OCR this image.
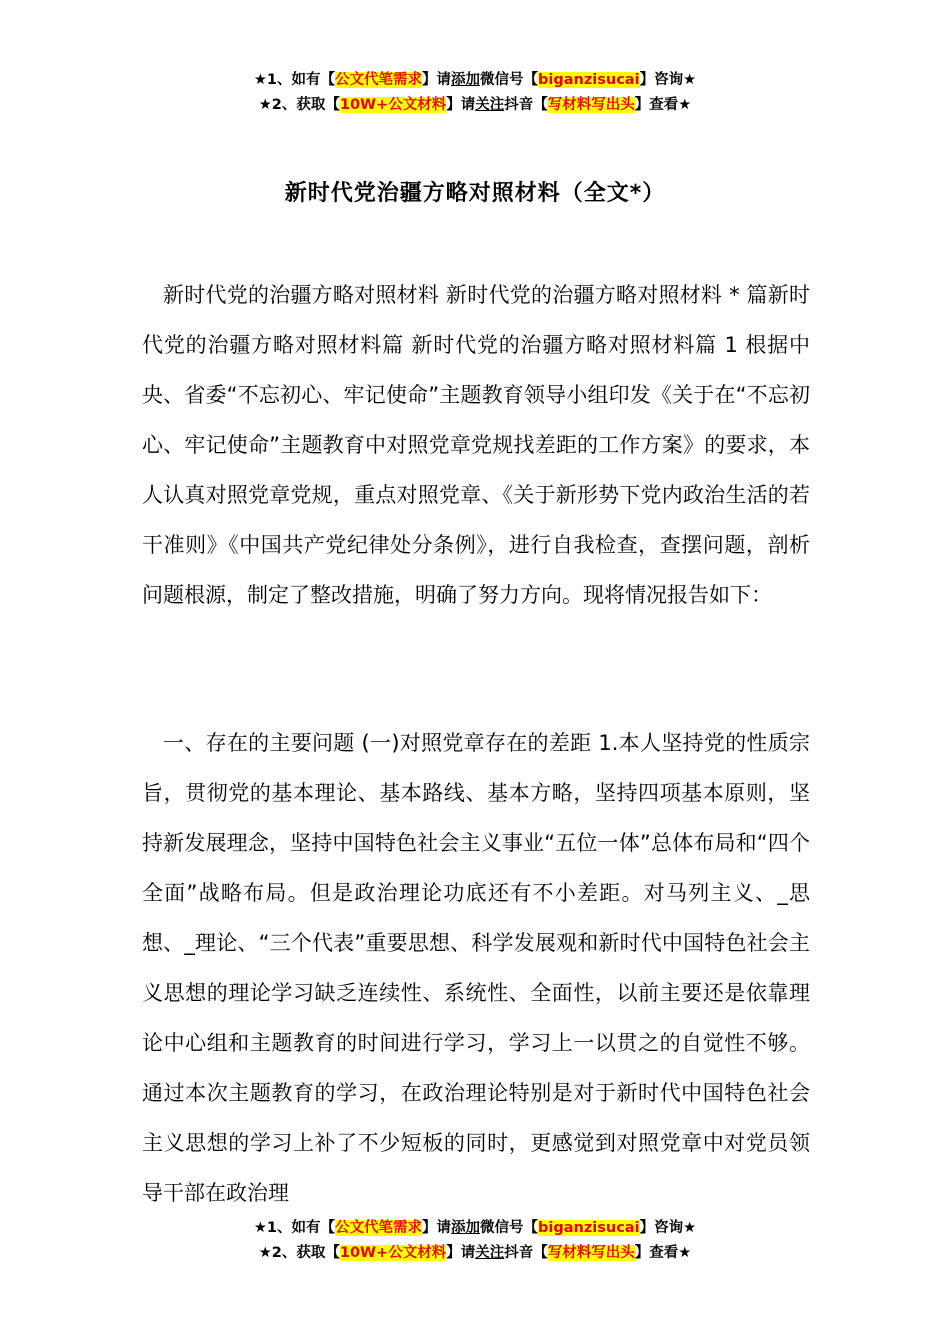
★1、如有【公文代笔需求】请添加微信号【biganzisucai】咨询★
★2、获取【10W+公文材料】请关注抖音【写材料写出头】查看★
新时代党治疆方略对照材料（全文*）

新时代党的治疆方略对照材料 新时代党的治疆方略对照材料 * 篇新时代党的治疆方略对照材料篇 新时代党的治疆方略对照材料篇 1 根据中央、省委“不忘初心、牢记使命”主题教育领导小组印发《关于在“不忘初心、牢记使命”主题教育中对照党章党规找差距的工作方案》的要求，本人认真对照党章党规，重点对照党章、《关于新形势下党内政治生活的若干准则》《中国共产党纪律处分条例》，进行自我检查，查摆问题，剖析问题根源，制定了整改措施，明确了努力方向。现将情况报告如下：

一、存在的主要问题 (一)对照党章存在的差距 1.本人坚持党的性质宗旨，贯彻党的基本理论、基本路线、基本方略，坚持四项基本原则，坚持新发展理念，坚持中国特色社会主义事业“五位一体”总体布局和“四个全面”战略布局。但是政治理论功底还有不小差距。对马列主义、_思想、_理论、“三个代表”重要思想、科学发展观和新时代中国特色社会主义思想的理论学习缺乏连续性、系统性、全面性，以前主要还是依靠理论中心组和主题教育的时间进行学习，学习上一以贯之的自觉性不够。通过本次主题教育的学习，在政治理论特别是对于新时代中国特色社会主义思想的学习上补了不少短板的同时，更感觉到对照党章中对党员领导干部在政治理

★1、如有【公文代笔需求】请添加微信号【biganzisucai】咨询★
★2、获取【10W+公文材料】请关注抖音【写材料写出头】查看★
